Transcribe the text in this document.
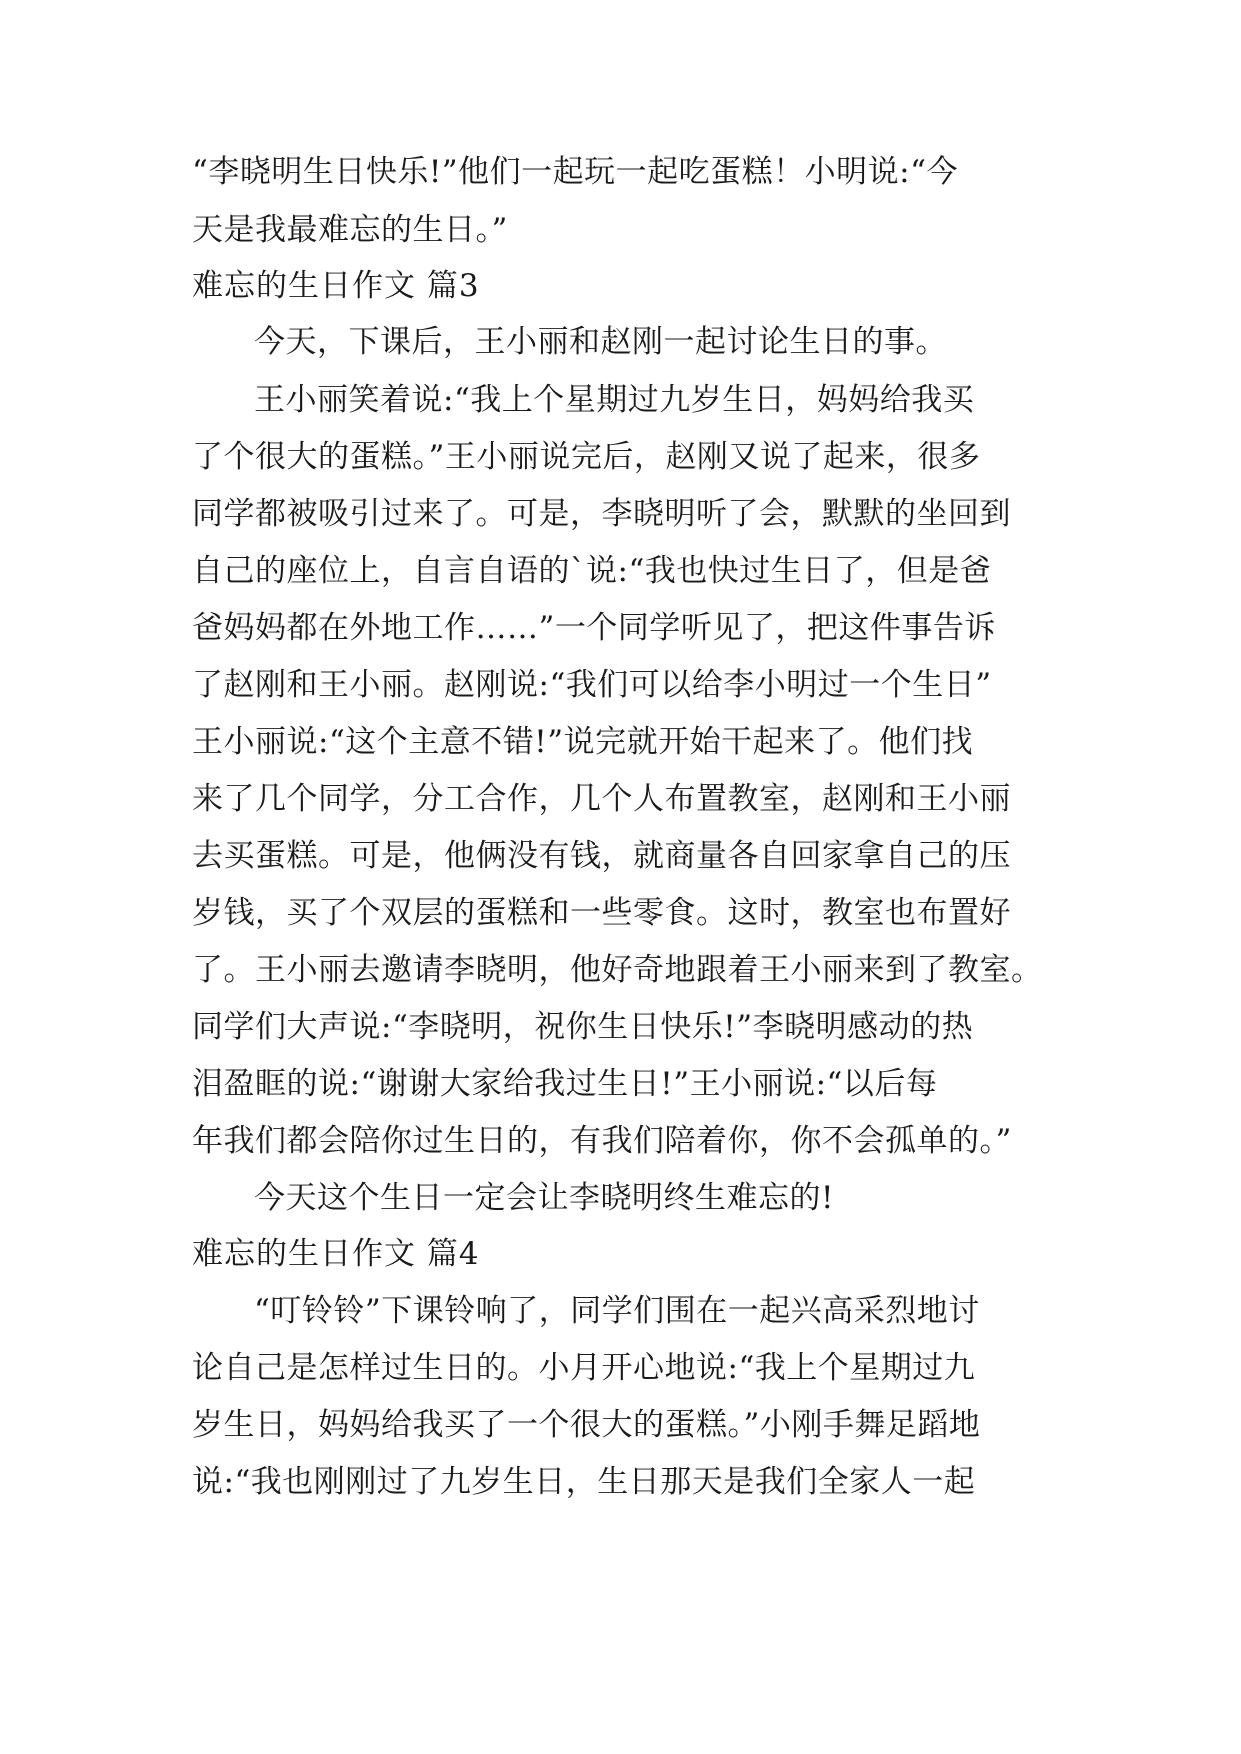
“李晓明生日快乐!”他们一起玩一起吃蛋糕！小明说:“今
天是我最难忘的生日。”
难忘的生日作文 篇3
今天，下课后，王小丽和赵刚一起讨论生日的事。
王小丽笑着说:“我上个星期过九岁生日，妈妈给我买
了个很大的蛋糕。”王小丽说完后，赵刚又说了起来，很多
同学都被吸引过来了。可是，李晓明听了会，默默的坐回到
自己的座位上，自言自语的`说:“我也快过生日了，但是爸
爸妈妈都在外地工作……”一个同学听见了，把这件事告诉
了赵刚和王小丽。赵刚说:“我们可以给李小明过一个生日”
王小丽说:“这个主意不错!”说完就开始干起来了。他们找
来了几个同学，分工合作，几个人布置教室，赵刚和王小丽
去买蛋糕。可是，他俩没有钱，就商量各自回家拿自己的压
岁钱，买了个双层的蛋糕和一些零食。这时，教室也布置好
了。王小丽去邀请李晓明，他好奇地跟着王小丽来到了教室。
同学们大声说:“李晓明，祝你生日快乐!”李晓明感动的热
泪盈眶的说:“谢谢大家给我过生日!”王小丽说:“以后每
年我们都会陪你过生日的，有我们陪着你，你不会孤单的。”
今天这个生日一定会让李晓明终生难忘的!
难忘的生日作文 篇4
“叮铃铃”下课铃响了，同学们围在一起兴高采烈地讨
论自己是怎样过生日的。小月开心地说:“我上个星期过九
岁生日，妈妈给我买了一个很大的蛋糕。”小刚手舞足蹈地
说:“我也刚刚过了九岁生日，生日那天是我们全家人一起
